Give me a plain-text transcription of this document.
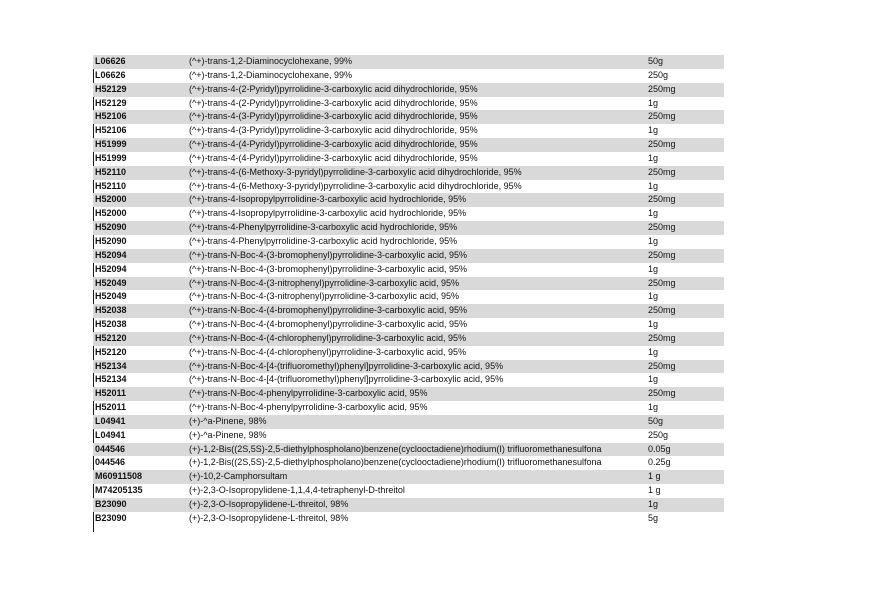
L06626	(^+)-trans-1,2-Diaminocyclohexane, 99%	50g
L06626	(^+)-trans-1,2-Diaminocyclohexane, 99%	250g
H52129	(^+)-trans-4-(2-Pyridyl)pyrrolidine-3-carboxylic acid dihydrochloride, 95%	250mg
H52129	(^+)-trans-4-(2-Pyridyl)pyrrolidine-3-carboxylic acid dihydrochloride, 95%	1g
H52106	(^+)-trans-4-(3-Pyridyl)pyrrolidine-3-carboxylic acid dihydrochloride, 95%	250mg
H52106	(^+)-trans-4-(3-Pyridyl)pyrrolidine-3-carboxylic acid dihydrochloride, 95%	1g
H51999	(^+)-trans-4-(4-Pyridyl)pyrrolidine-3-carboxylic acid dihydrochloride, 95%	250mg
H51999	(^+)-trans-4-(4-Pyridyl)pyrrolidine-3-carboxylic acid dihydrochloride, 95%	1g
H52110	(^+)-trans-4-(6-Methoxy-3-pyridyl)pyrrolidine-3-carboxylic acid dihydrochloride, 95%	250mg
H52110	(^+)-trans-4-(6-Methoxy-3-pyridyl)pyrrolidine-3-carboxylic acid dihydrochloride, 95%	1g
H52000	(^+)-trans-4-Isopropylpyrrolidine-3-carboxylic acid hydrochloride, 95%	250mg
H52000	(^+)-trans-4-Isopropylpyrrolidine-3-carboxylic acid hydrochloride, 95%	1g
H52090	(^+)-trans-4-Phenylpyrrolidine-3-carboxylic acid hydrochloride, 95%	250mg
H52090	(^+)-trans-4-Phenylpyrrolidine-3-carboxylic acid hydrochloride, 95%	1g
H52094	(^+)-trans-N-Boc-4-(3-bromophenyl)pyrrolidine-3-carboxylic acid, 95%	250mg
H52094	(^+)-trans-N-Boc-4-(3-bromophenyl)pyrrolidine-3-carboxylic acid, 95%	1g
H52049	(^+)-trans-N-Boc-4-(3-nitrophenyl)pyrrolidine-3-carboxylic acid, 95%	250mg
H52049	(^+)-trans-N-Boc-4-(3-nitrophenyl)pyrrolidine-3-carboxylic acid, 95%	1g
H52038	(^+)-trans-N-Boc-4-(4-bromophenyl)pyrrolidine-3-carboxylic acid, 95%	250mg
H52038	(^+)-trans-N-Boc-4-(4-bromophenyl)pyrrolidine-3-carboxylic acid, 95%	1g
H52120	(^+)-trans-N-Boc-4-(4-chlorophenyl)pyrrolidine-3-carboxylic acid, 95%	250mg
H52120	(^+)-trans-N-Boc-4-(4-chlorophenyl)pyrrolidine-3-carboxylic acid, 95%	1g
H52134	(^+)-trans-N-Boc-4-[4-(trifluoromethyl)phenyl]pyrrolidine-3-carboxylic acid, 95%	250mg
H52134	(^+)-trans-N-Boc-4-[4-(trifluoromethyl)phenyl]pyrrolidine-3-carboxylic acid, 95%	1g
H52011	(^+)-trans-N-Boc-4-phenylpyrrolidine-3-carboxylic acid, 95%	250mg
H52011	(^+)-trans-N-Boc-4-phenylpyrrolidine-3-carboxylic acid, 95%	1g
L04941	(+)-^a-Pinene, 98%	50g
L04941	(+)-^a-Pinene, 98%	250g
044546	(+)-1,2-Bis((2S,5S)-2,5-diethylphospholano)benzene(cyclooctadiene)rhodium(I) trifluoromethanesulfona	0.05g
044546	(+)-1,2-Bis((2S,5S)-2,5-diethylphospholano)benzene(cyclooctadiene)rhodium(I) trifluoromethanesulfona	0.25g
M60911508	(+)-10,2-Camphorsultam	1 g
M74205135	(+)-2,3-O-Isopropylidene-1,1,4,4-tetraphenyl-D-threitol	1 g
B23090	(+)-2,3-O-Isopropylidene-L-threitol, 98%	1g
B23090	(+)-2,3-O-Isopropylidene-L-threitol, 98%	5g
